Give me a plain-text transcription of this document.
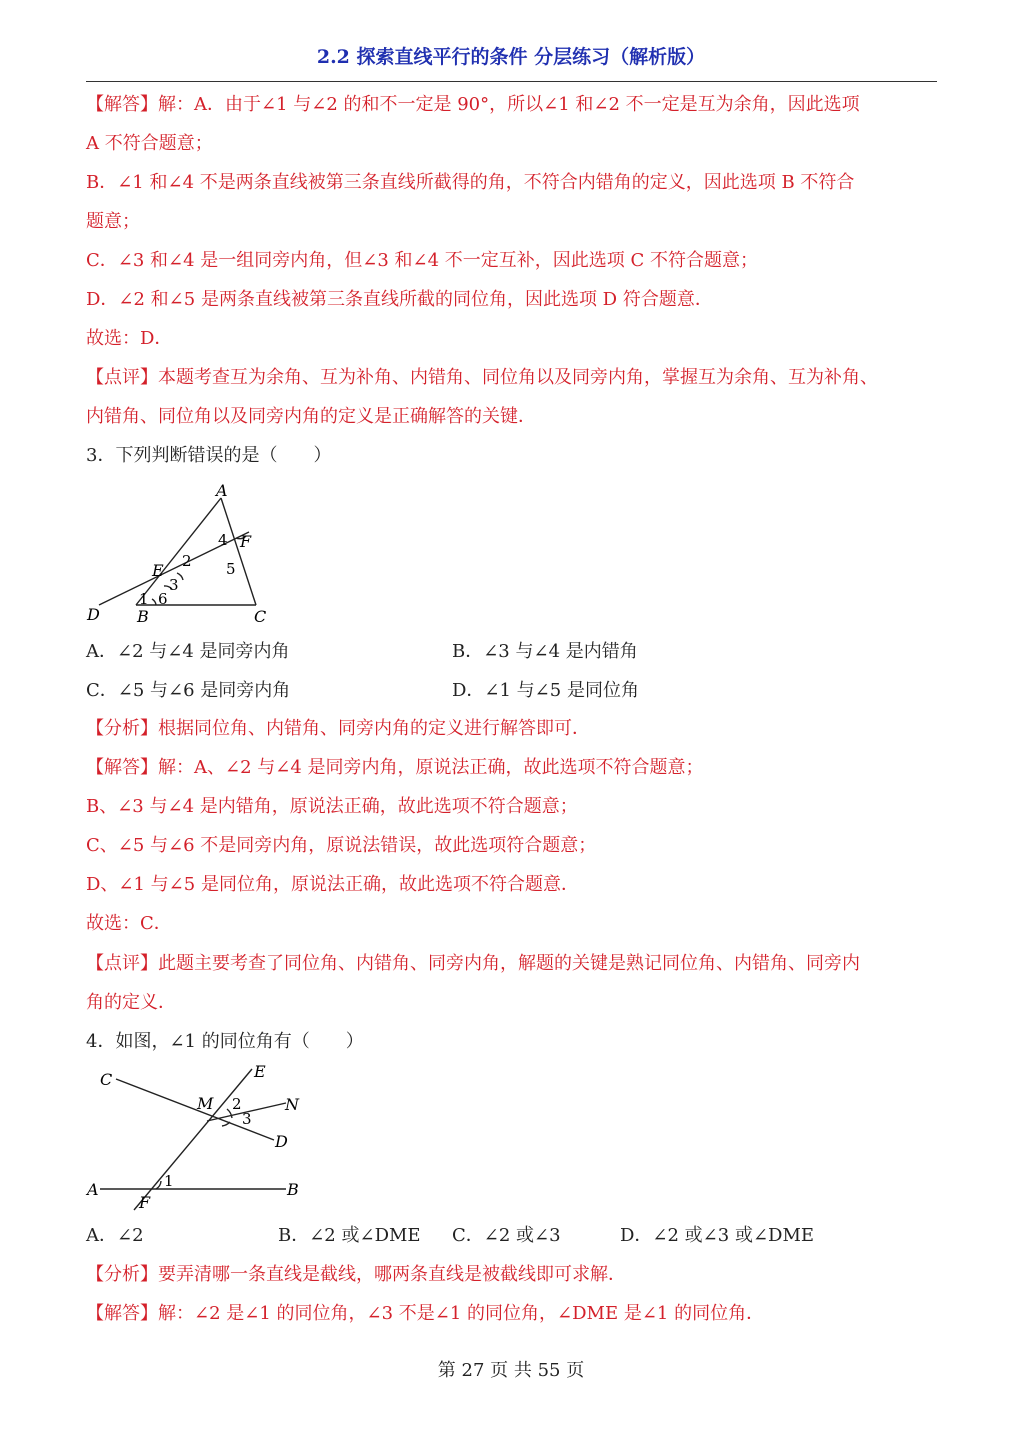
2.2 探索直线平行的条件 分层练习（解析版）
【解答】解：A．由于∠1 与∠2 的和不一定是 90°，所以∠1 和∠2 不一定是互为余角，因此选项
A 不符合题意；
B．∠1 和∠4 不是两条直线被第三条直线所截得的角，不符合内错角的定义，因此选项 B 不符合
题意；
C．∠3 和∠4 是一组同旁内角，但∠3 和∠4 不一定互补，因此选项 C 不符合题意；
D．∠2 和∠5 是两条直线被第三条直线所截的同位角，因此选项 D 符合题意．
故选：D．
【点评】本题考查互为余角、互为补角、内错角、同位角以及同旁内角，掌握互为余角、互为补角、
内错角、同位角以及同旁内角的定义是正确解答的关键．
3．下列判断错误的是（　　）
A
F
E
D B	C
2
3
1 6
4
5
A．∠2 与∠4 是同旁内角	B．∠3 与∠4 是内错角
C．∠5 与∠6 是同旁内角	D．∠1 与∠5 是同位角
【分析】根据同位角、内错角、同旁内角的定义进行解答即可．
【解答】解：A、∠2 与∠4 是同旁内角，原说法正确，故此选项不符合题意；
B、∠3 与∠4 是内错角，原说法正确，故此选项不符合题意；
C、∠5 与∠6 不是同旁内角，原说法错误，故此选项符合题意；
D、∠1 与∠5 是同位角，原说法正确，故此选项不符合题意．
故选：C．
【点评】此题主要考查了同位角、内错角、同旁内角，解题的关键是熟记同位角、内错角、同旁内
角的定义．
4．如图，∠1 的同位角有（　　）
C	E
M	N
D
A
F
B
2
3
1
A．∠2	B．∠2 或∠DME C．∠2 或∠3	D．∠2 或∠3 或∠DME
【分析】要弄清哪一条直线是截线，哪两条直线是被截线即可求解．
【解答】解：∠2 是∠1 的同位角，∠3 不是∠1 的同位角，∠DME 是∠1 的同位角．
第 27 页 共 55 页
